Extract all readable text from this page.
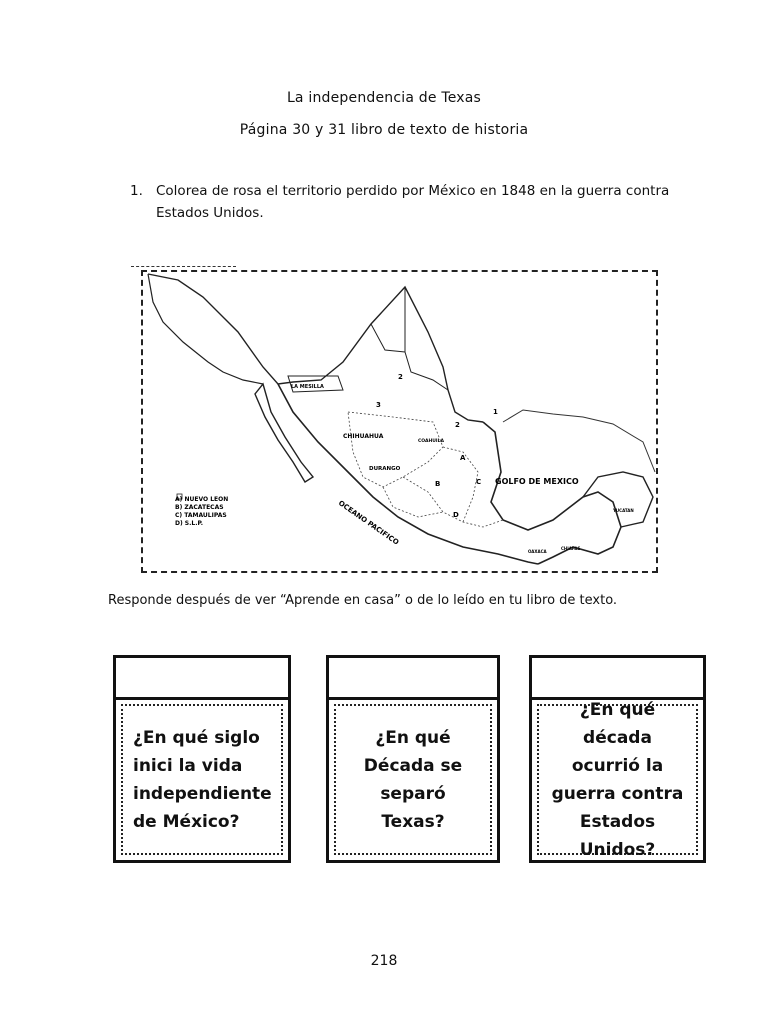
La independencia de Texas
Página 30 y 31 libro de texto de historia
1. Colorea de rosa el territorio perdido por México en 1848 en la guerra contra Estados Unidos.
GOLFO DE MEXICO
OCEANO PACIFICO
LA MESILLA
CHIHUAHUA
COAHUILA
DURANGO
YUCATAN
CHIAPAS
OAXACA
1
2
2
3
A
B	C
D
A) NUEVO LEON
B) ZACATECAS
C) TAMAULIPAS
D) S.L.P.
Responde después de ver “Aprende en casa” o de lo leído en tu libro de texto.
¿En qué siglo
inici la vida
independiente
de México?
¿En qué
Década se
separó Texas?
¿En qué década
ocurrió la
guerra contra
Estados
Unidos?
218
